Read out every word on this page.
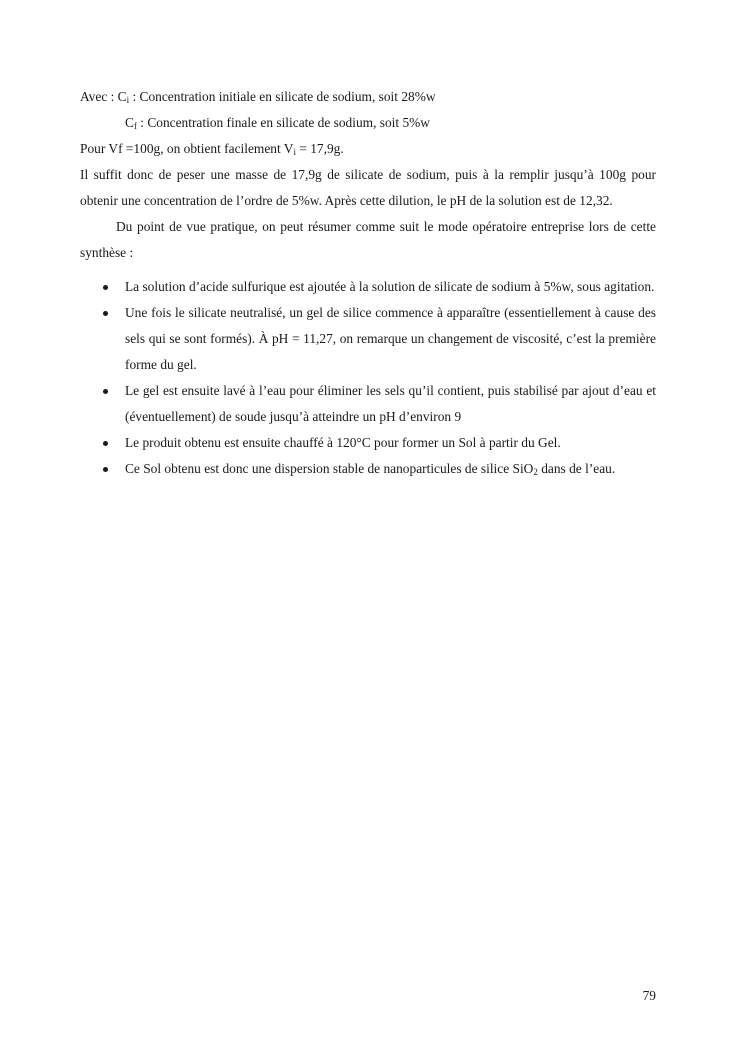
Avec : $C_i$ : Concentration initiale en silicate de sodium, soit 28%w

$C_f$ : Concentration finale en silicate de sodium, soit 5%w

Pour Vf =100g, on obtient facilement $V_i = 17,9g$.

Il suffit donc de peser une masse de 17,9g de silicate de sodium, puis à la remplir jusqu’à 100g pour obtenir une concentration de l’ordre de 5%w. Après cette dilution, le pH de la solution est de 12,32.

Du point de vue pratique, on peut résumer comme suit le mode opératoire entreprise lors de cette synthèse :

La solution d’acide sulfurique est ajoutée à la solution de silicate de sodium à 5%w, sous agitation.
Une fois le silicate neutralisé, un gel de silice commence à apparaître (essentiellement à cause des sels qui se sont formés). À pH = 11,27, on remarque un changement de viscosité, c’est la première forme du gel.
Le gel est ensuite lavé à l’eau pour éliminer les sels qu’il contient, puis stabilisé par ajout d’eau et (éventuellement) de soude jusqu’à atteindre un pH d’environ 9
Le produit obtenu est ensuite chauffé à 120°C pour former un Sol à partir du Gel.
Ce Sol obtenu est donc une dispersion stable de nanoparticules de silice SiO$_2$ dans de l’eau.
79
